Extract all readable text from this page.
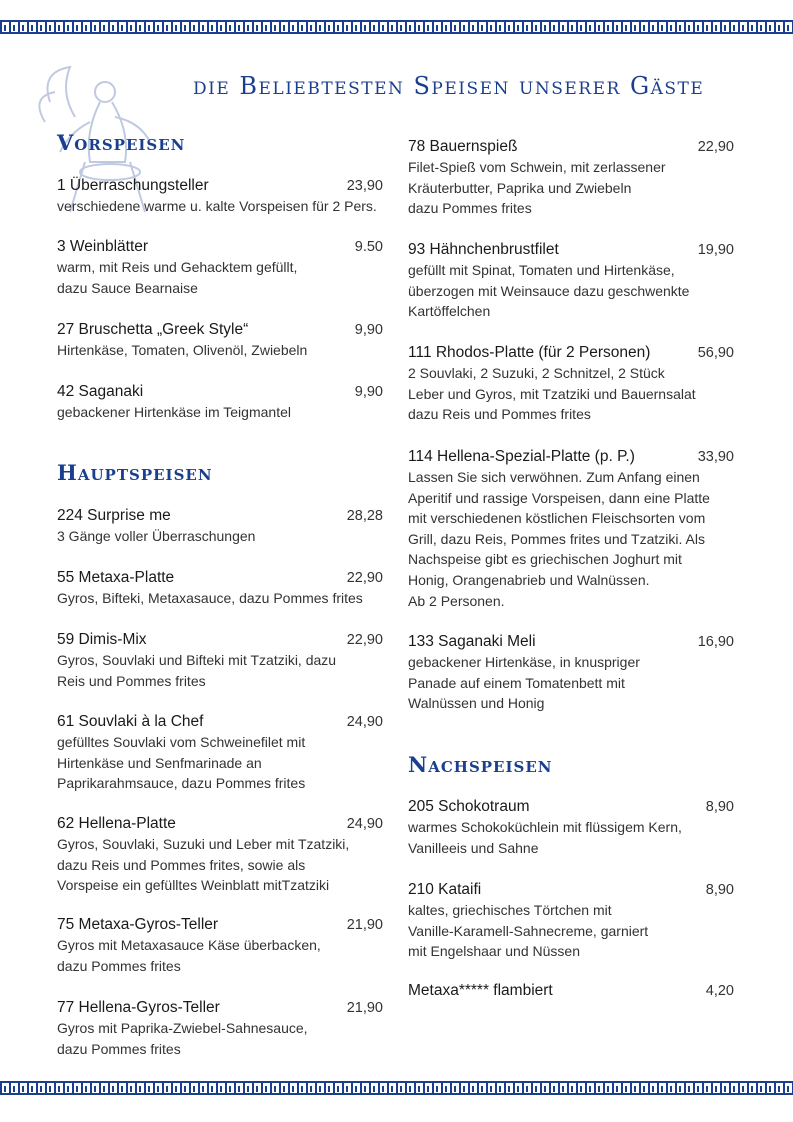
die Beliebtesten Speisen unserer Gäste
Vorspeisen
Hauptspeisen
Nachspeisen
1 Überraschungsteller	23,90
verschiedene warme u. kalte Vorspeisen für 2 Pers.
3 Weinblätter	9.50
warm, mit Reis und Gehacktem gefüllt,
dazu Sauce Bearnaise
27 Bruschetta „Greek Style“	9,90
Hirtenkäse, Tomaten, Olivenöl, Zwiebeln
42 Saganaki	9,90
gebackener Hirtenkäse im Teigmantel
224 Surprise me	28,28
3 Gänge voller Überraschungen
55 Metaxa-Platte	22,90
Gyros, Bifteki, Metaxasauce, dazu Pommes frites
59 Dimis-Mix	22,90
Gyros, Souvlaki und Bifteki mit Tzatziki, dazu
Reis und Pommes frites
61 Souvlaki à la Chef	24,90
gefülltes Souvlaki vom Schweinefilet mit
Hirtenkäse und Senfmarinade an
Paprikarahmsauce, dazu Pommes frites
62 Hellena-Platte	24,90
Gyros, Souvlaki, Suzuki und Leber mit Tzatziki,
dazu Reis und Pommes frites, sowie als
Vorspeise ein gefülltes Weinblatt mitTzatziki
75 Metaxa-Gyros-Teller	21,90
Gyros mit Metaxasauce Käse überbacken,
dazu Pommes frites
77 Hellena-Gyros-Teller	21,90
Gyros mit Paprika-Zwiebel-Sahnesauce,
dazu Pommes frites
78 Bauernspieß	22,90
Filet-Spieß vom Schwein, mit zerlassener
Kräuterbutter, Paprika und Zwiebeln
dazu Pommes frites
93 Hähnchenbrustfilet	19,90
gefüllt mit Spinat, Tomaten und Hirtenkäse,
überzogen mit Weinsauce dazu geschwenkte
Kartöffelchen
111 Rhodos-Platte (für 2 Personen)	56,90
2 Souvlaki, 2 Suzuki, 2 Schnitzel, 2 Stück
Leber und Gyros, mit Tzatziki und Bauernsalat
dazu Reis und Pommes frites
114 Hellena-Spezial-Platte (p. P.)	33,90
Lassen Sie sich verwöhnen. Zum Anfang einen
Aperitif und rassige Vorspeisen, dann eine Platte
mit verschiedenen köstlichen Fleischsorten vom
Grill, dazu Reis, Pommes frites und Tzatziki. Als
Nachspeise gibt es griechischen Joghurt mit
Honig, Orangenabrieb und Walnüssen.
Ab 2 Personen.
133 Saganaki Meli	16,90
gebackener Hirtenkäse, in knuspriger
Panade auf einem Tomatenbett mit
Walnüssen und Honig
205 Schokotraum	8,90
warmes Schokoküchlein mit flüssigem Kern,
Vanilleeis und Sahne
210 Kataifi	8,90
kaltes, griechisches Törtchen mit
Vanille-Karamell-Sahnecreme, garniert
mit Engelshaar und Nüssen
Metaxa***** flambiert	4,20
